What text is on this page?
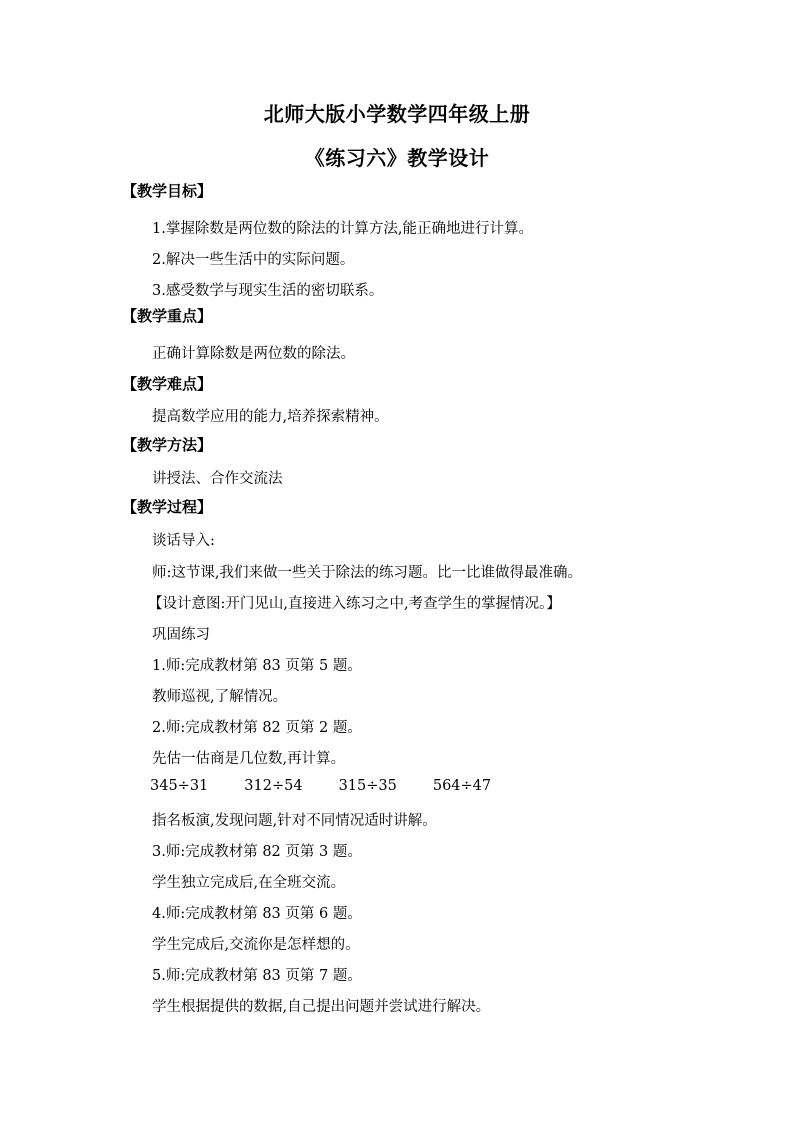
北师大版小学数学四年级上册
《练习六》教学设计
【教学目标】
1.掌握除数是两位数的除法的计算方法,能正确地进行计算。
2.解决一些生活中的实际问题。
3.感受数学与现实生活的密切联系。
【教学重点】
正确计算除数是两位数的除法。
【教学难点】
提高数学应用的能力,培养探索精神。
【教学方法】
讲授法、合作交流法
【教学过程】
谈话导入:
师:这节课,我们来做一些关于除法的练习题。比一比谁做得最准确。
【设计意图:开门见山,直接进入练习之中,考查学生的掌握情况。】
巩固练习
1.师:完成教材第 83 页第 5 题。
教师巡视,了解情况。
2.师:完成教材第 82 页第 2 题。
先估一估商是几位数,再计算。
345÷31 312÷54 315÷35 564÷47
指名板演,发现问题,针对不同情况适时讲解。
3.师:完成教材第 82 页第 3 题。
学生独立完成后,在全班交流。
4.师:完成教材第 83 页第 6 题。
学生完成后,交流你是怎样想的。
5.师:完成教材第 83 页第 7 题。
学生根据提供的数据,自己提出问题并尝试进行解决。
